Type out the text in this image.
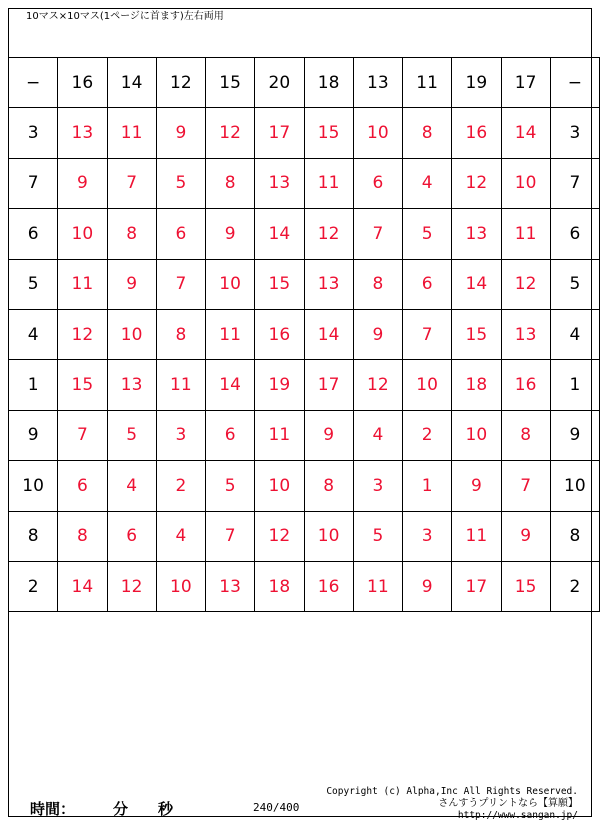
10マス×10マス(1ページに首ます)左右両用
−	16	14	12	15	20	18	13	11	19	17	−
3	13	11	9	12	17	15	10	8	16	14	3
7	9	7	5	8	13	11	6	4	12	10	7
6	10	8	6	9	14	12	7	5	13	11	6
5	11	9	7	10	15	13	8	6	14	12	5
4	12	10	8	11	16	14	9	7	15	13	4
1	15	13	11	14	19	17	12	10	18	16	1
9	7	5	3	6	11	9	4	2	10	8	9
10	6	4	2	5	10	8	3	1	9	7	10
8	8	6	4	7	12	10	5	3	11	9	8
2	14	12	10	13	18	16	11	9	17	15	2
時間：	分 秒	240/400
Copyright (c) Alpha,Inc All Rights Reserved.
さんすうプリントなら【算願】
http://www.sangan.jp/
